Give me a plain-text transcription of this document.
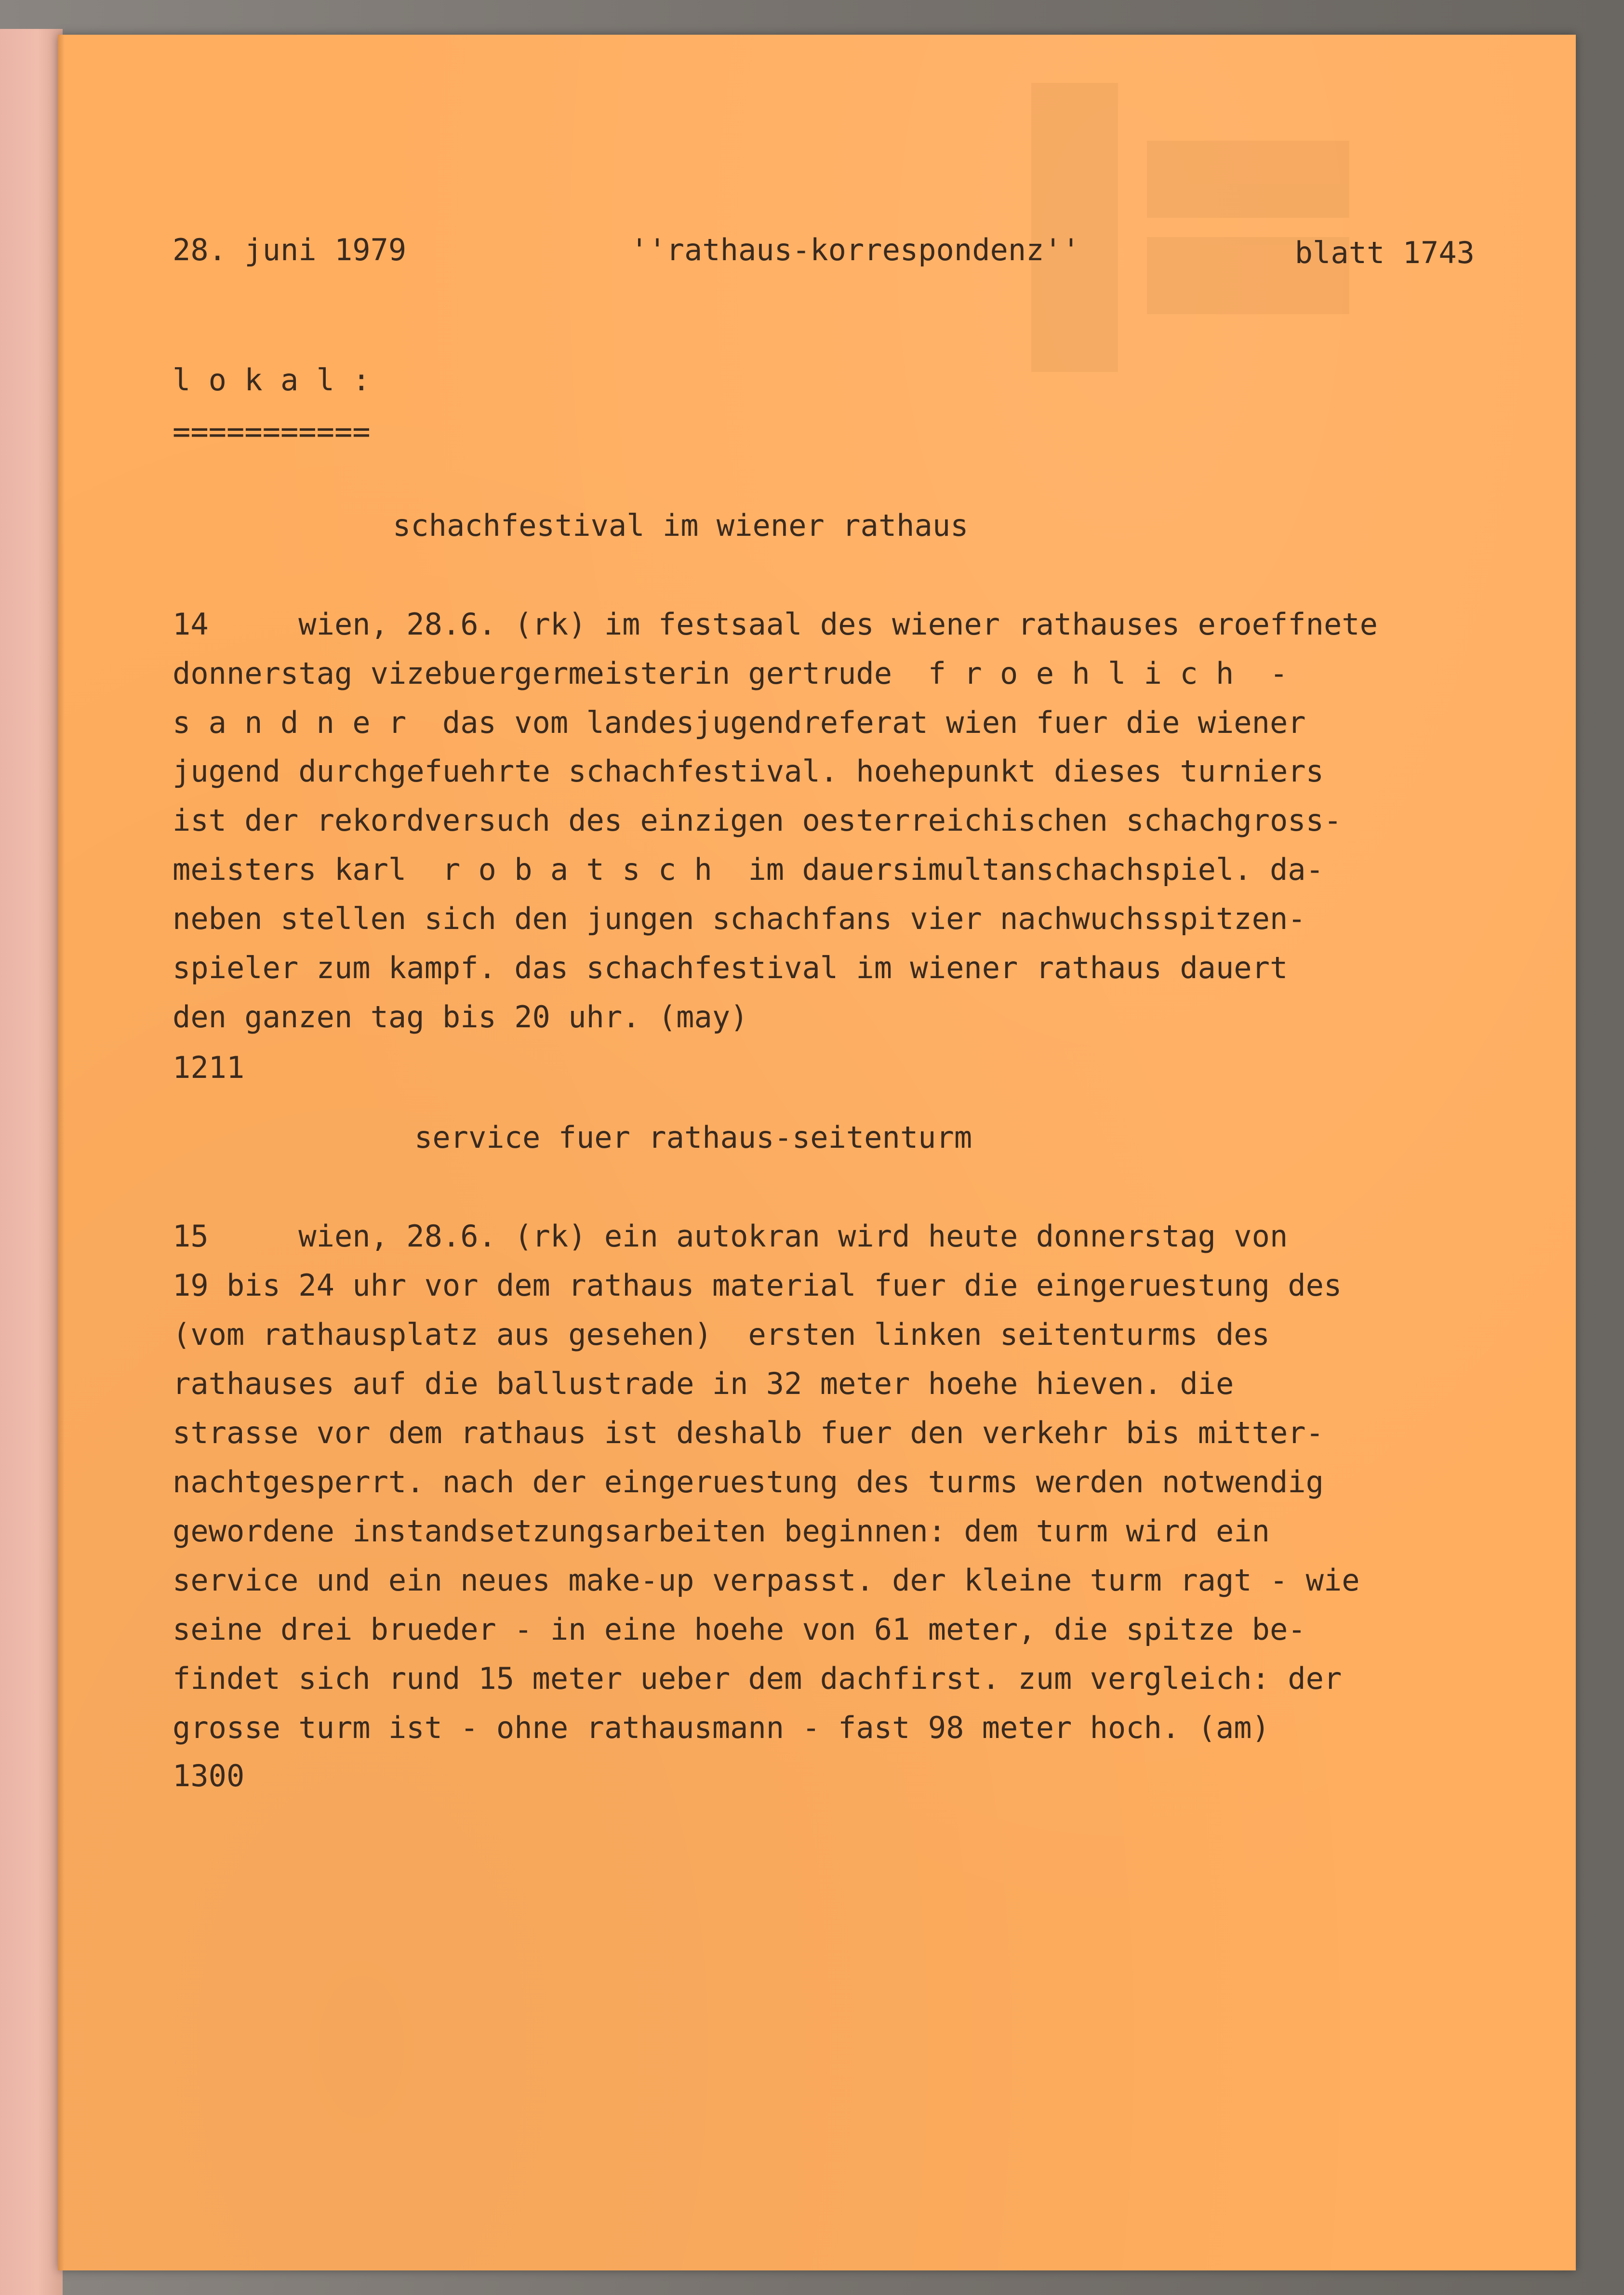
28. juni 1979	''rathaus-korrespondenz''	blatt 1743

l o k a l :

===========

schachfestival im wiener rathaus

14     wien, 28.6. (rk) im festsaal des wiener rathauses eroeffnete

donnerstag vizebuergermeisterin gertrude  f r o e h l i c h  -

s a n d n e r  das vom landesjugendreferat wien fuer die wiener

jugend durchgefuehrte schachfestival. hoehepunkt dieses turniers

ist der rekordversuch des einzigen oesterreichischen schachgross-

meisters karl  r o b a t s c h  im dauersimultanschachspiel. da-

neben stellen sich den jungen schachfans vier nachwuchsspitzen-

spieler zum kampf. das schachfestival im wiener rathaus dauert

den ganzen tag bis 20 uhr. (may)

1211

service fuer rathaus-seitenturm

15     wien, 28.6. (rk) ein autokran wird heute donnerstag von

19 bis 24 uhr vor dem rathaus material fuer die eingeruestung des

(vom rathausplatz aus gesehen)  ersten linken seitenturms des

rathauses auf die ballustrade in 32 meter hoehe hieven. die

strasse vor dem rathaus ist deshalb fuer den verkehr bis mitter-

nachtgesperrt. nach der eingeruestung des turms werden notwendig

gewordene instandsetzungsarbeiten beginnen: dem turm wird ein

service und ein neues make-up verpasst. der kleine turm ragt - wie

seine drei brueder - in eine hoehe von 61 meter, die spitze be-

findet sich rund 15 meter ueber dem dachfirst. zum vergleich: der

grosse turm ist - ohne rathausmann - fast 98 meter hoch. (am)

1300
